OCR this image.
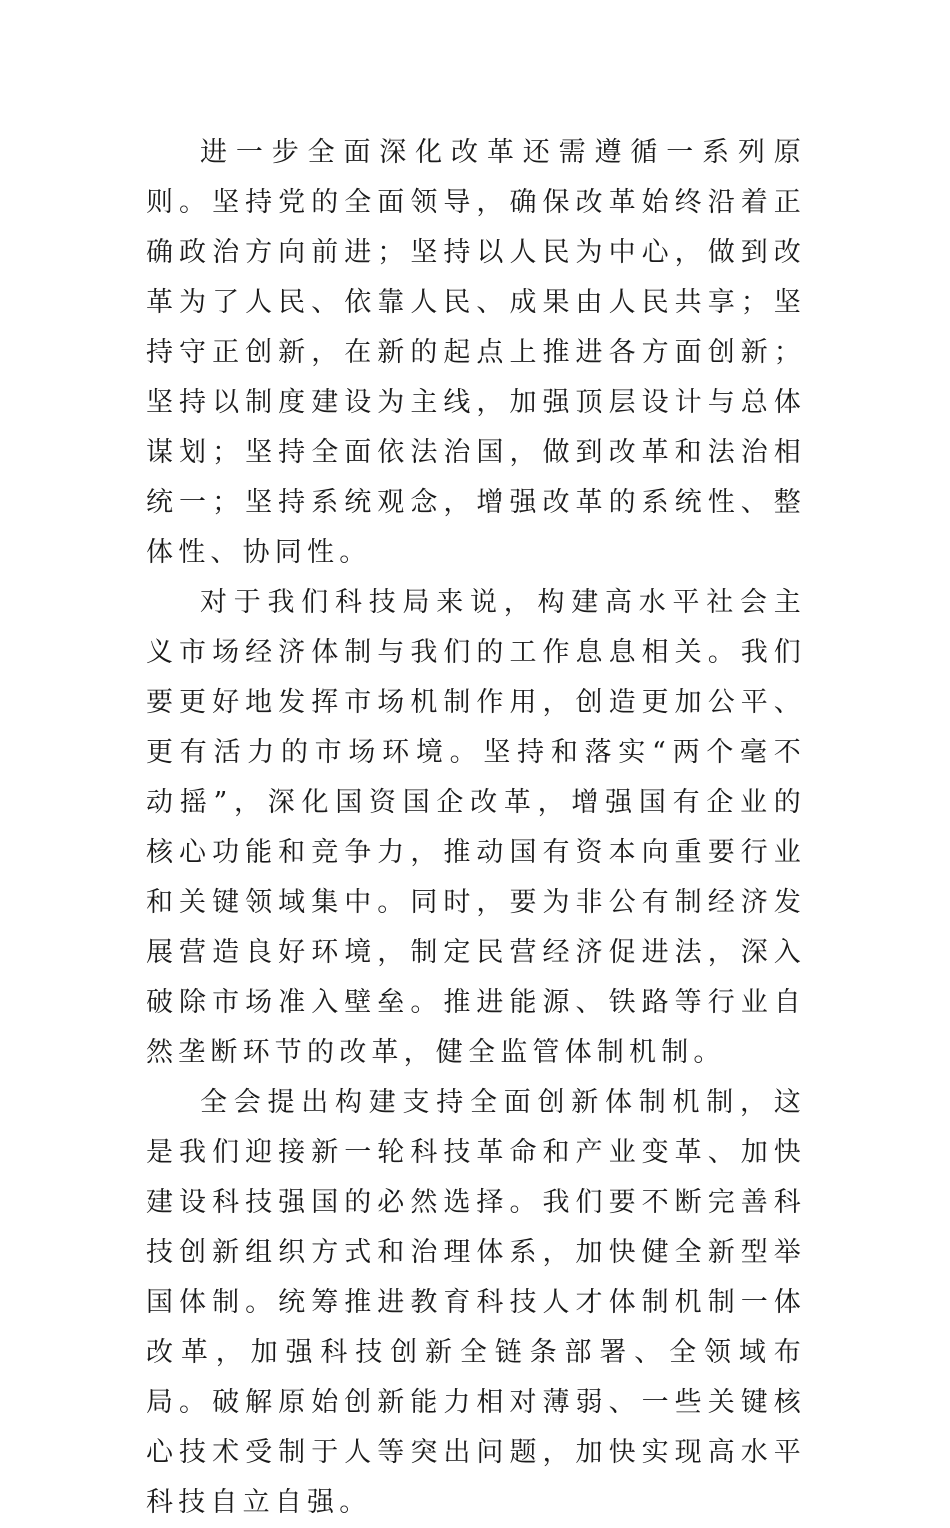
进一步全面深化改革还需遵循一系列原则。坚持党的全面领导，确保改革始终沿着正确政治方向前进；坚持以人民为中心，做到改革为了人民、依靠人民、成果由人民共享；坚持守正创新，在新的起点上推进各方面创新；坚持以制度建设为主线，加强顶层设计与总体谋划；坚持全面依法治国，做到改革和法治相统一；坚持系统观念，增强改革的系统性、整体性、协同性。

对于我们科技局来说，构建高水平社会主义市场经济体制与我们的工作息息相关。我们要更好地发挥市场机制作用，创造更加公平、更有活力的市场环境。坚持和落实“两个毫不动摇”，深化国资国企改革，增强国有企业的核心功能和竞争力，推动国有资本向重要行业和关键领域集中。同时，要为非公有制经济发展营造良好环境，制定民营经济促进法，深入破除市场准入壁垒。推进能源、铁路等行业自然垄断环节的改革，健全监管体制机制。

全会提出构建支持全面创新体制机制，这是我们迎接新一轮科技革命和产业变革、加快建设科技强国的必然选择。我们要不断完善科技创新组织方式和治理体系，加快健全新型举国体制。统筹推进教育科技人才体制机制一体改革，加强科技创新全链条部署、全领域布局。破解原始创新能力相对薄弱、一些关键核心技术受制于人等突出问题，加快实现高水平科技自立自强。
